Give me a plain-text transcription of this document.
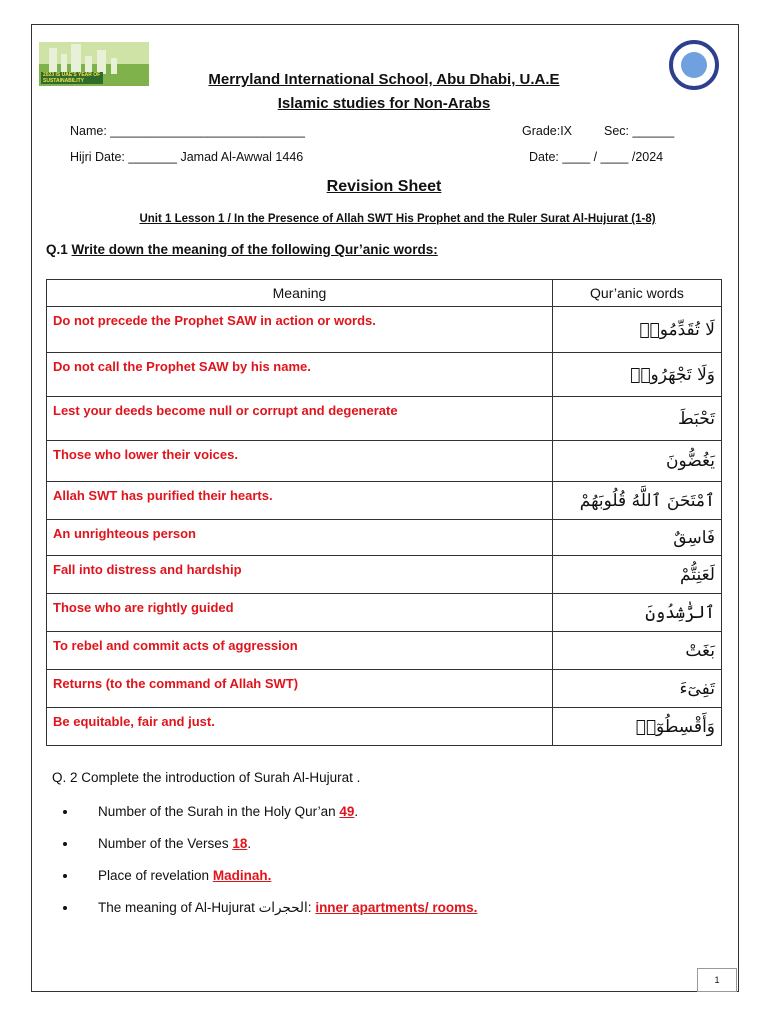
2023 IS UAE'S YEAR OF SUSTAINABILITY	Merryland International School, Abu Dhabi, U.A.E
Islamic studies for Non-Arabs
Name: ____________________________	Grade:IX	Sec: ______
Hijri Date: _______ Jamad Al-Awwal 1446	Date: ____ / ____ /2024
Revision Sheet
Unit 1 Lesson 1 / In the Presence of Allah SWT His Prophet and the Ruler Surat Al-Hujurat (1-8)
Q.1 Write down the meaning of the following Qur’anic words:
Meaning	Qur’anic words
Do not precede the Prophet SAW in action or words.	لَا تُقَدِّمُوا۟
Do not call the Prophet SAW by his name.	وَلَا تَجْهَرُوا۟
Lest your deeds become null or corrupt and degenerate	تَحْبَطَ
Those who lower their voices.	يَغُضُّونَ
Allah SWT has purified their hearts.	ٱمْتَحَنَ ٱللَّهُ قُلُوبَهُمْ
An unrighteous person	فَاسِقٌ
Fall into distress and hardship	لَعَنِتُّمْ
Those who are rightly guided	ٱلرَّٰشِدُونَ
To rebel and commit acts of aggression	بَغَتْ
Returns (to the command of Allah SWT)	تَفِىٓءَ
Be equitable, fair and just.	وَأَقْسِطُوٓا۟
Q. 2 Complete the introduction of Surah Al-Hujurat .
• Number of the Surah in the Holy Qur’an 49.
• Number of the Verses 18.
• Place of revelation Madinah.
• The meaning of Al-Hujurat الحجرات: inner apartments/ rooms.
1
